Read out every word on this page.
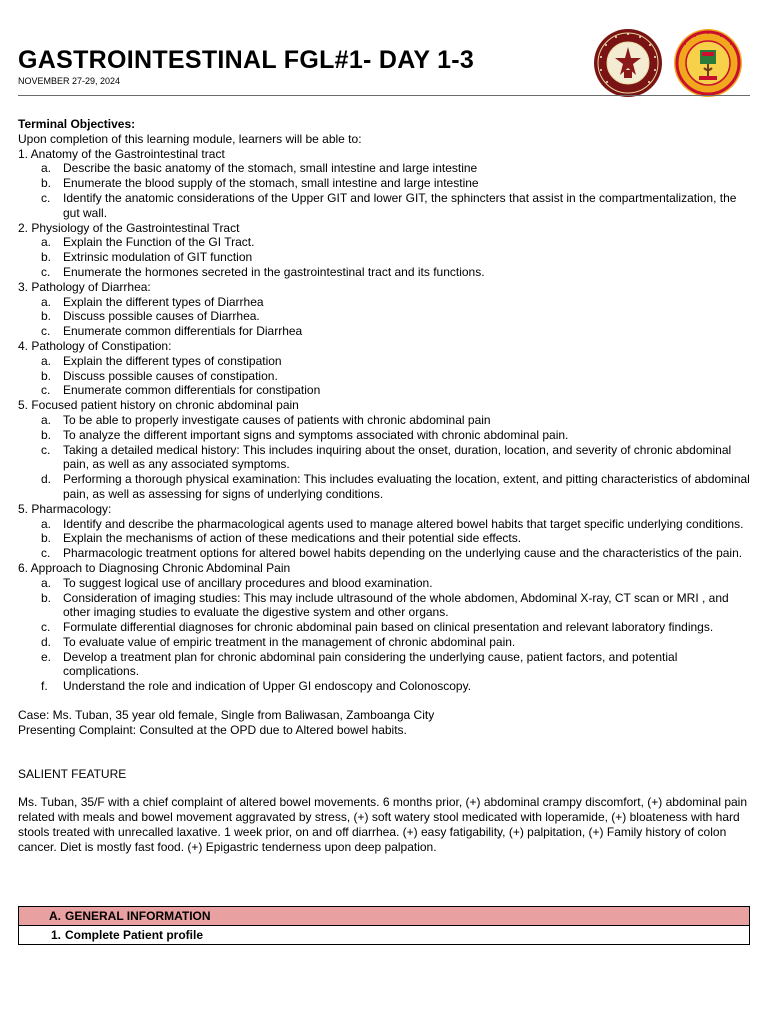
GASTROINTESTINAL FGL#1- DAY 1-3
NOVEMBER 27-29, 2024

Terminal Objectives:

Upon completion of this learning module, learners will be able to:

1. Anatomy of the Gastrointestinal tract

a. Describe the basic anatomy of the stomach, small intestine and large intestine
b. Enumerate the blood supply of the stomach, small intestine and large intestine
c. Identify the anatomic considerations of the Upper GIT and lower GIT, the sphincters that assist in the compartmentalization, the gut wall.

2. Physiology of the Gastrointestinal Tract

a. Explain the Function of the GI Tract.
b. Extrinsic modulation of GIT function
c. Enumerate the hormones secreted in the gastrointestinal tract and its functions.

3. Pathology of Diarrhea:

a. Explain the different types of Diarrhea
b. Discuss possible causes of Diarrhea.
c. Enumerate common differentials for Diarrhea

4. Pathology of Constipation:

a. Explain the different types of constipation
b. Discuss possible causes of constipation.
c. Enumerate common differentials for constipation

5. Focused patient history on chronic abdominal pain

a. To be able to properly investigate causes of patients with chronic abdominal pain
b. To analyze the different important signs and symptoms associated with chronic abdominal pain.
c. Taking a detailed medical history: This includes inquiring about the onset, duration, location, and severity of chronic abdominal pain, as well as any associated symptoms.
d. Performing a thorough physical examination: This includes evaluating the location, extent, and pitting characteristics of abdominal pain, as well as assessing for signs of underlying conditions.

5. Pharmacology:

a. Identify and describe the pharmacological agents used to manage altered bowel habits that target specific underlying conditions.
b. Explain the mechanisms of action of these medications and their potential side effects.
c. Pharmacologic treatment options for altered bowel habits depending on the underlying cause and the characteristics of the pain.

6. Approach to Diagnosing Chronic Abdominal Pain

a. To suggest logical use of ancillary procedures and blood examination.
b. Consideration of imaging studies: This may include ultrasound of the whole abdomen, Abdominal X-ray, CT scan or MRI , and other imaging studies to evaluate the digestive system and other organs.
c. Formulate differential diagnoses for chronic abdominal pain based on clinical presentation and relevant laboratory findings.
d. To evaluate value of empiric treatment in the management of chronic abdominal pain.
e. Develop a treatment plan for chronic abdominal pain considering the underlying cause, patient factors, and potential complications.
f. Understand the role and indication of Upper GI endoscopy and Colonoscopy.

Case: Ms. Tuban, 35 year old female, Single from Baliwasan, Zamboanga City

Presenting Complaint: Consulted at the OPD due to Altered bowel habits.

SALIENT FEATURE

Ms. Tuban, 35/F with a chief complaint of altered bowel movements. 6 months prior, (+) abdominal crampy discomfort, (+) abdominal pain related with meals and bowel movement aggravated by stress, (+) soft watery stool medicated with loperamide, (+) bloateness with hard stools treated with unrecalled laxative. 1 week prior, on and off diarrhea. (+) easy fatigability, (+) palpitation, (+) Family history of colon cancer. Diet is mostly fast food. (+) Epigastric tenderness upon deep palpation.

A. GENERAL INFORMATION

1. Complete Patient profile
